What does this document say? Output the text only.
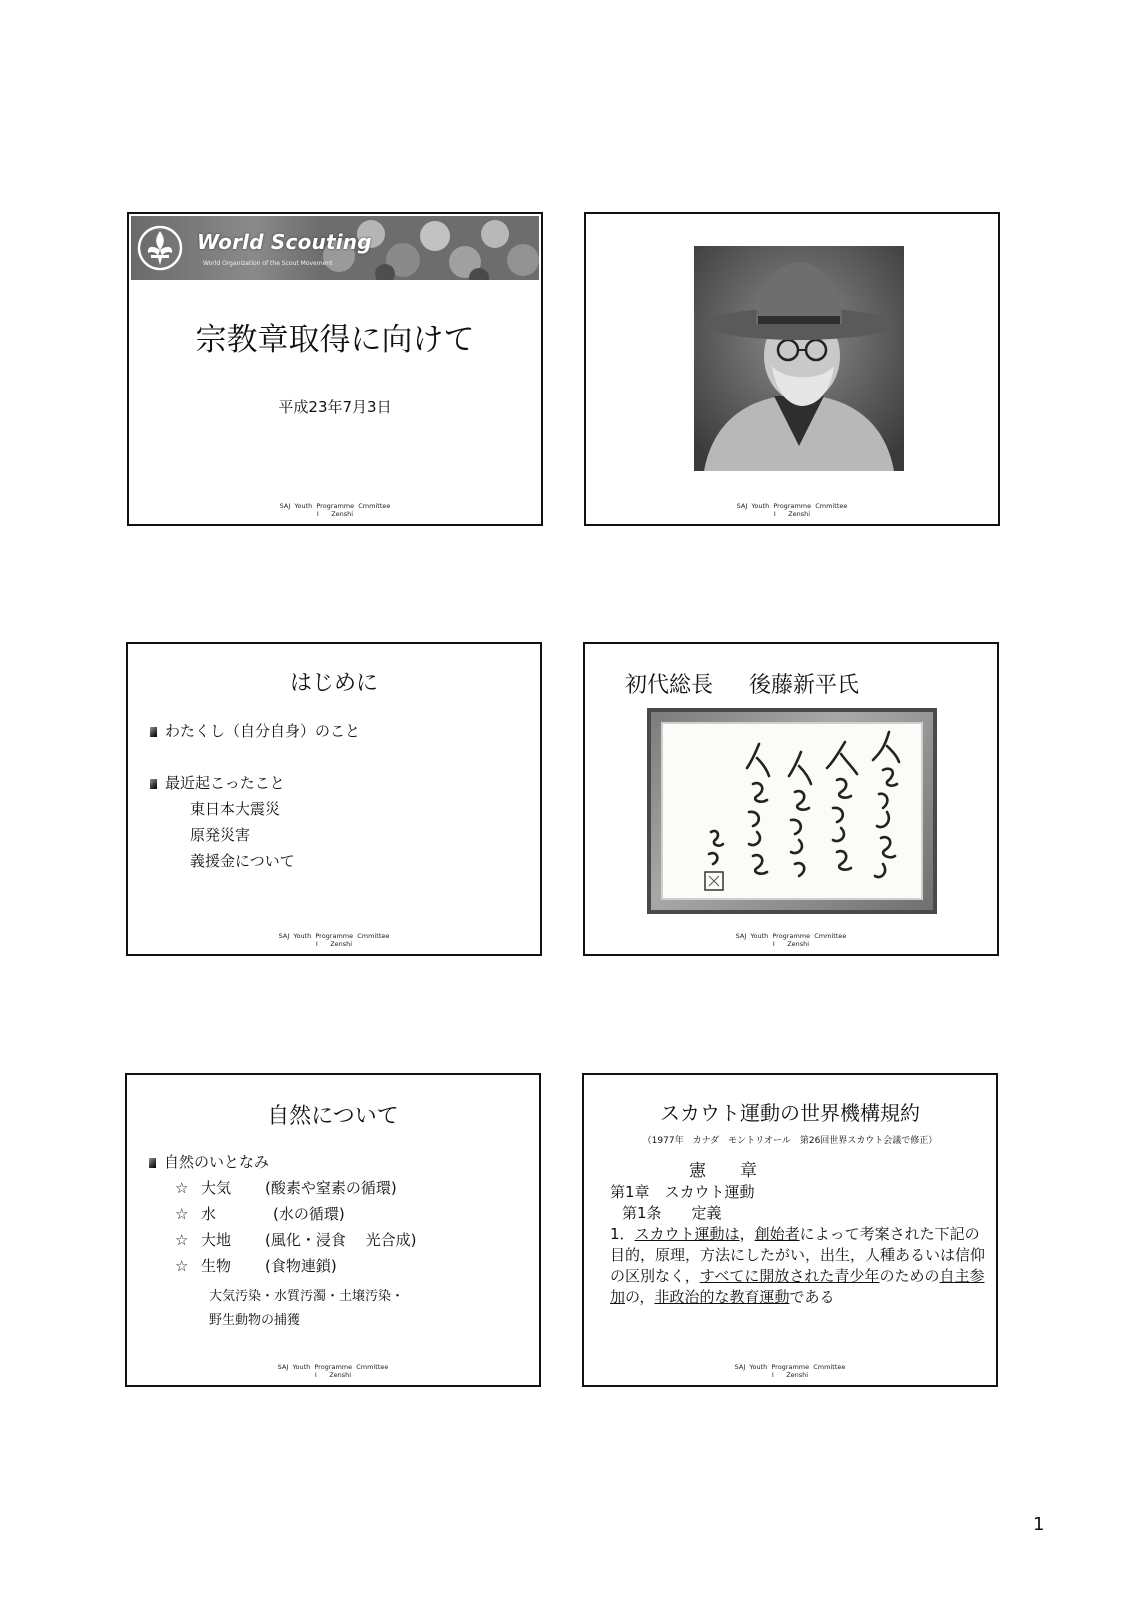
World Scouting
World Organization of the Scout Movement
宗教章取得に向けて
平成23年7月3日
SAJ  Youth  Programme  Cmmittee
I      Zenshi
SAJ  Youth  Programme  Cmmittee
I      Zenshi
はじめに
わたくし（自分自身）のこと
最近起こったこと
東日本大震災
原発災害
義援金について
SAJ  Youth  Programme  Cmmittee
I      Zenshi
初代総長 後藤新平氏
SAJ  Youth  Programme  Cmmittee
I      Zenshi
自然について
自然のいとなみ
☆ 大気 (酸素や窒素の循環)
☆ 水	(水の循環)
☆ 大地 (風化・浸食　 光合成)
☆ 生物 (食物連鎖)
大気汚染・水質汚濁・土壌汚染・
野生動物の捕獲
SAJ  Youth  Programme  Cmmittee
I      Zenshi
スカウト運動の世界機構規約
（1977年　カナダ　モントリオール　第26回世界スカウト会議で修正）
憲　　章
第1章　スカウト運動
第1条　　定義
1．スカウト運動は，創始者によって考案された下記の目的，原理，方法にしたがい，出生，人種あるいは信仰の区別なく，すべてに開放された青少年のための自主参加の，非政治的な教育運動である
SAJ  Youth  Programme  Cmmittee
I      Zenshi
1
